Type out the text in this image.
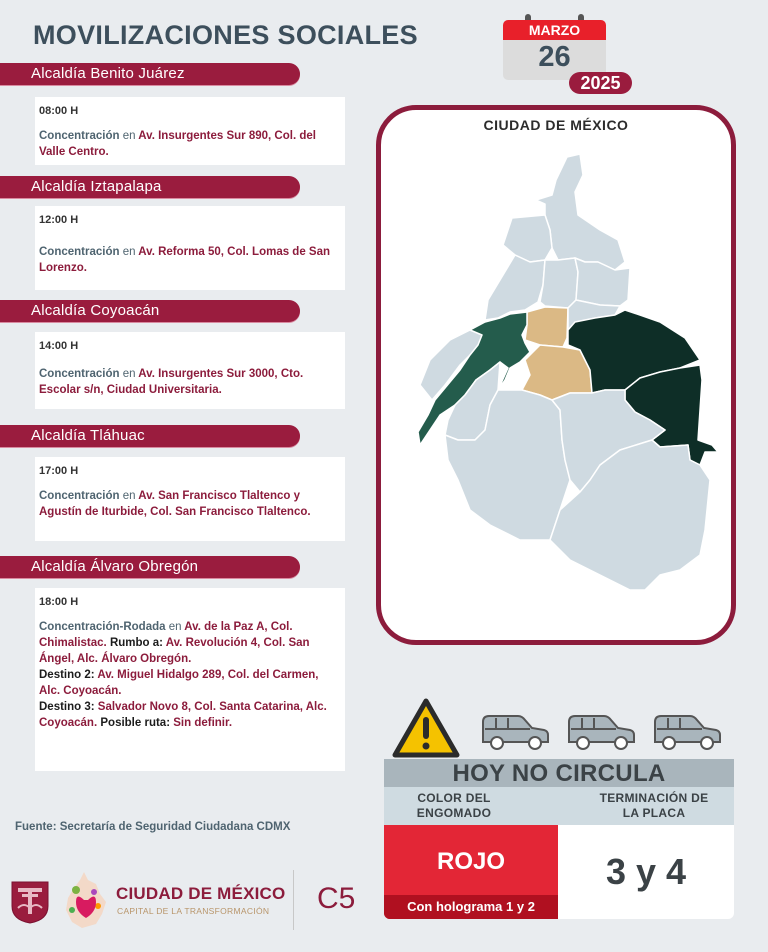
MOVILIZACIONES SOCIALES	MARZO
26
2025
Alcaldía Benito Juárez
08:00 H
Concentración en Av. Insurgentes Sur 890, Col. del Valle Centro.
Alcaldía Iztapalapa
12:00 H
Concentración en Av. Reforma 50, Col. Lomas de San Lorenzo.
Alcaldía Coyoacán
14:00 H
Concentración en Av. Insurgentes Sur 3000, Cto. Escolar s/n, Ciudad Universitaria.
Alcaldía Tláhuac
17:00 H
Concentración en Av. San Francisco Tlaltenco y Agustín de Iturbide, Col. San Francisco Tlaltenco.
Alcaldía Álvaro Obregón
18:00 H
Concentración-Rodada en Av. de la Paz A, Col. Chimalistac. Rumbo a: Av. Revolución 4, Col. San Ángel, Alc. Álvaro Obregón.
Destino 2: Av. Miguel Hidalgo 289, Col. del Carmen, Alc. Coyoacán.
Destino 3: Salvador Novo 8, Col. Santa Catarina, Alc. Coyoacán. Posible ruta: Sin definir.
CIUDAD DE MÉXICO
HOY NO CIRCULA
COLOR DEL ENGOMADO
TERMINACIÓN DE LA PLACA
ROJO
Con holograma 1 y 2
3 y 4
Fuente: Secretaría de Seguridad Ciudadana CDMX
CIUDAD DE MÉXICO
CAPITAL DE LA TRANSFORMACIÓN C5
